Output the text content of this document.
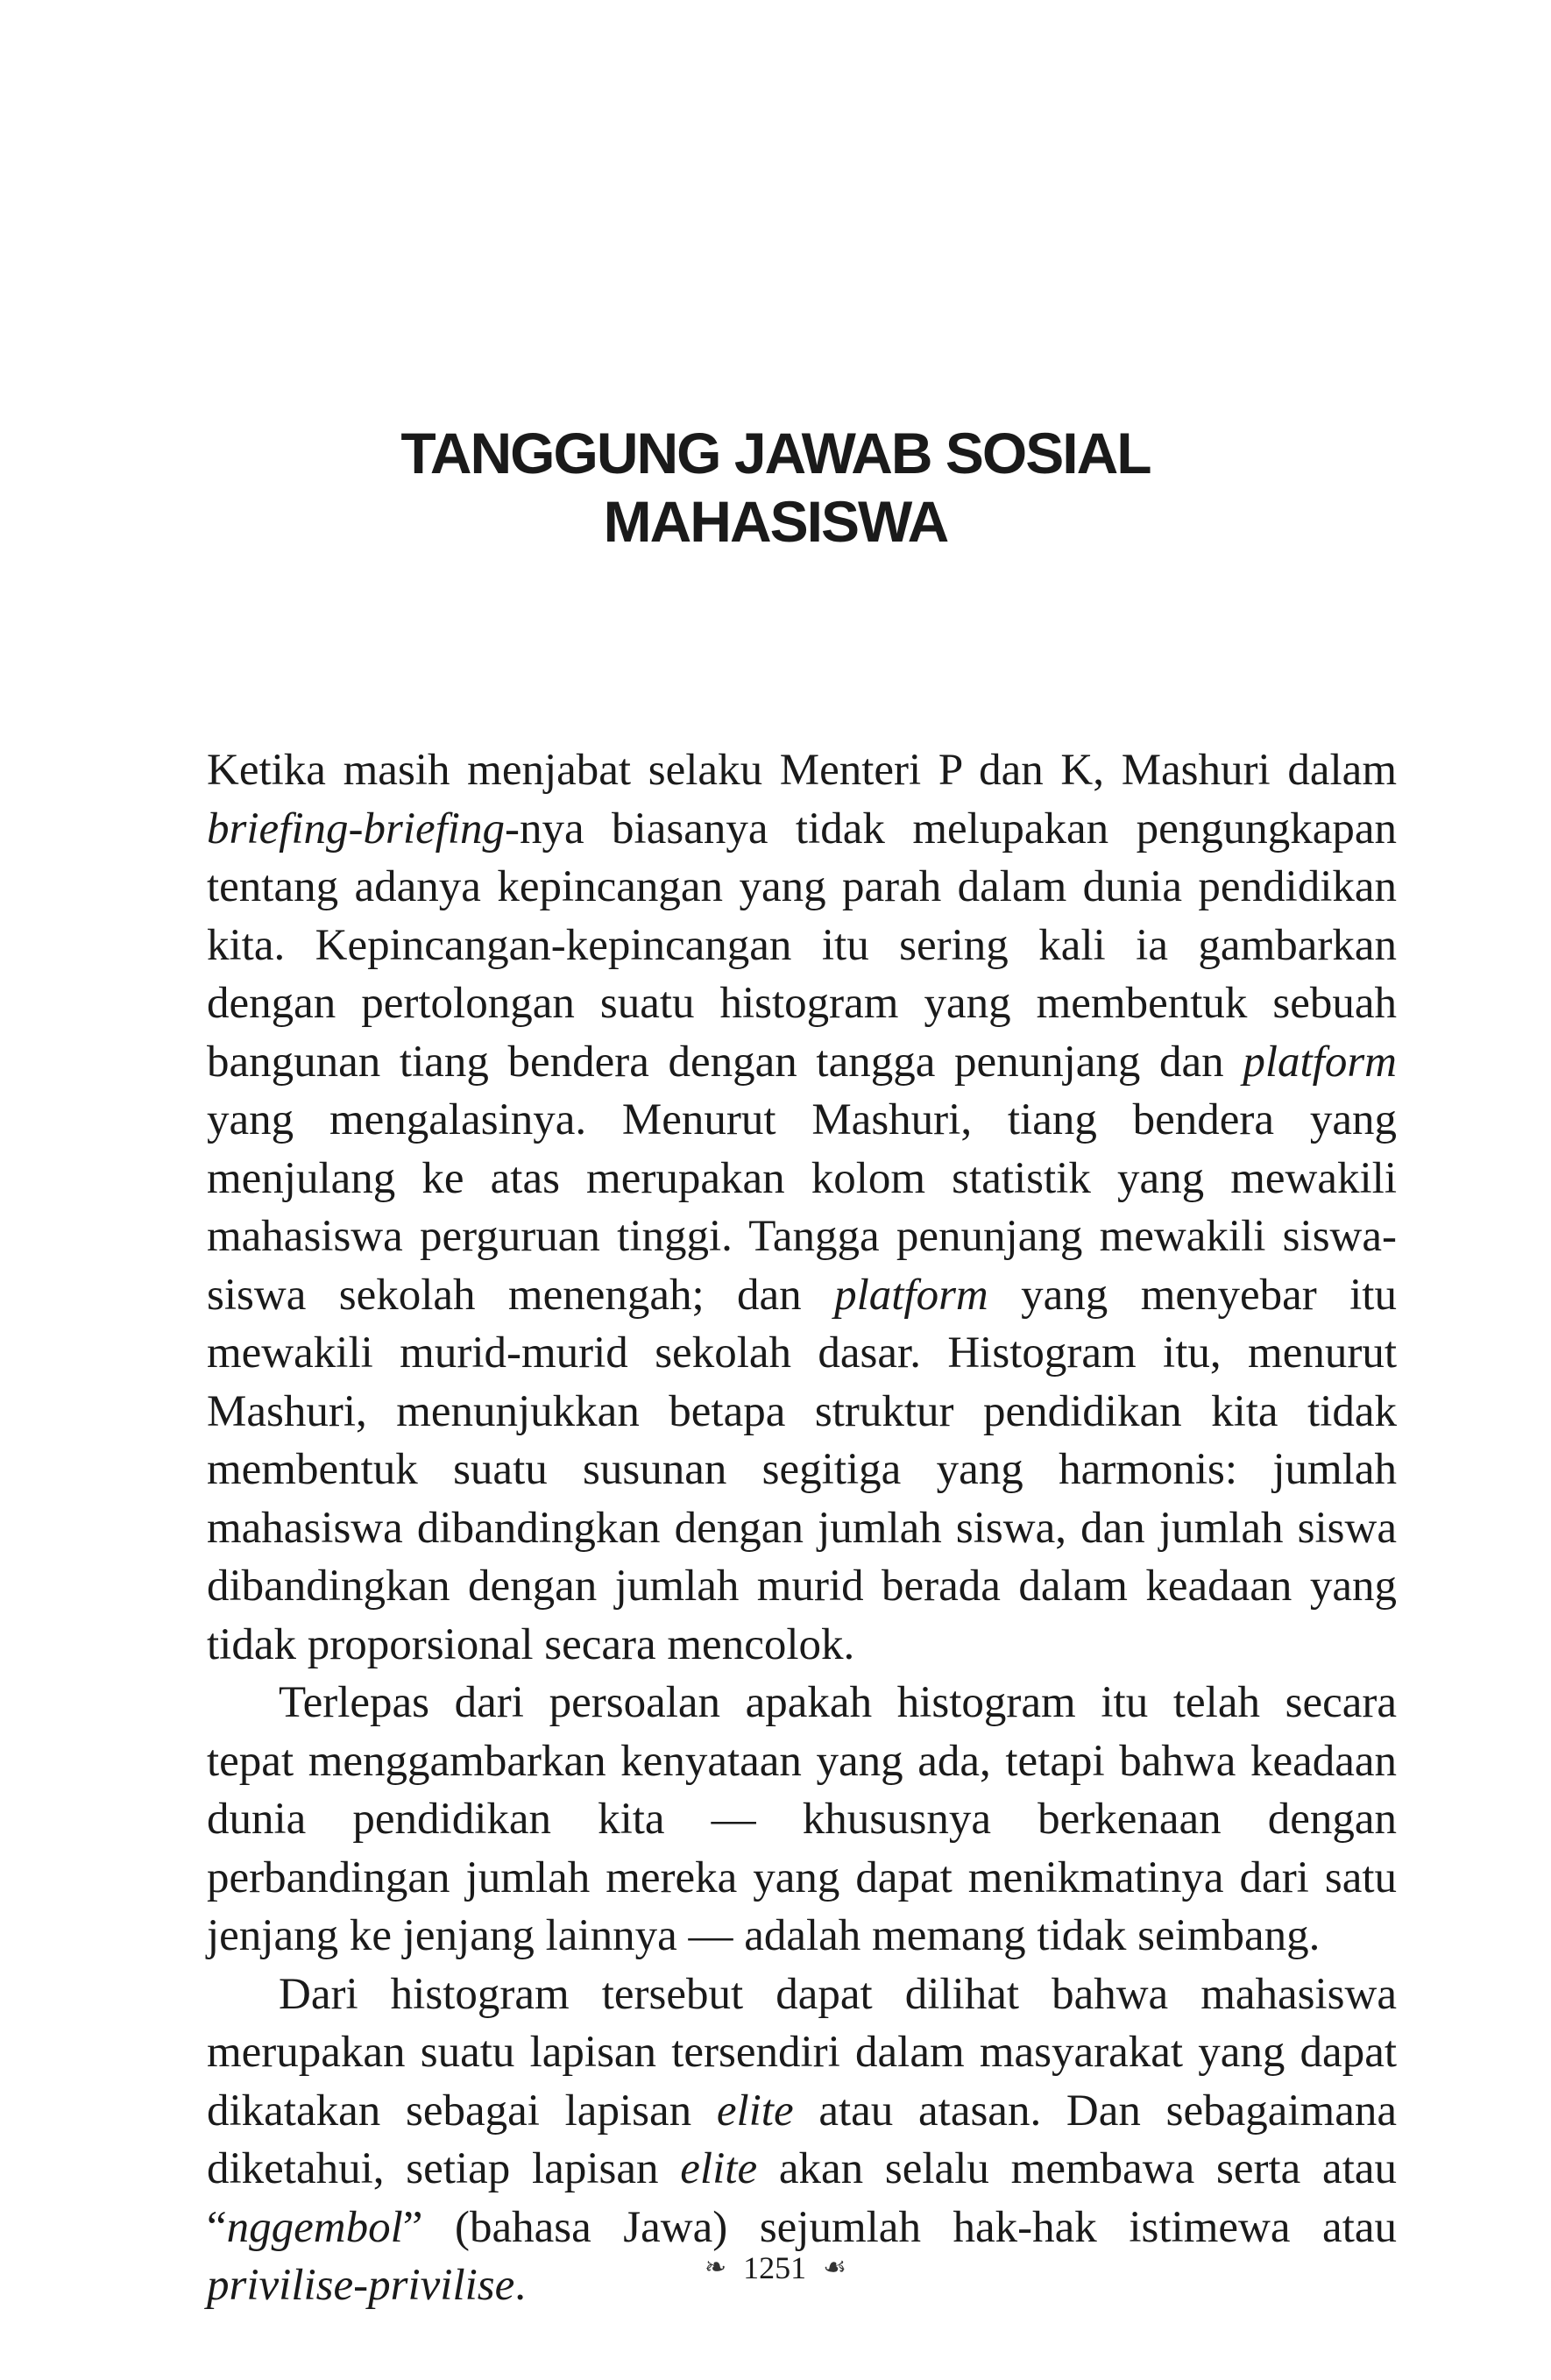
TANGGUNG JAWAB SOSIAL
MAHASISWA

Ketika masih menjabat selaku Menteri P dan K, Mashuri dalam briefing-briefing-nya biasanya tidak melupakan pengungkapan tentang adanya kepincangan yang parah dalam dunia pendidikan kita. Kepincangan-kepincangan itu sering kali ia gambarkan dengan pertolongan suatu histogram yang membentuk sebuah bangunan tiang bendera dengan tangga penunjang dan platform yang mengalasinya. Menurut Mashuri, tiang bendera yang menjulang ke atas merupakan kolom statistik yang mewakili mahasiswa perguruan tinggi. Tangga penunjang mewakili siswa-siswa sekolah menengah; dan platform yang menyebar itu mewakili murid-murid sekolah dasar. Histogram itu, menurut Mashuri, menunjukkan betapa struktur pendidikan kita tidak membentuk suatu susunan segitiga yang harmonis: jumlah mahasiswa dibandingkan dengan jumlah siswa, dan jumlah siswa dibandingkan dengan jumlah murid berada dalam keadaan yang tidak proporsional secara mencolok.

Terlepas dari persoalan apakah histogram itu telah secara tepat menggambarkan kenyataan yang ada, tetapi bahwa keadaan dunia pendidikan kita — khususnya berkenaan dengan perbandingan jumlah mereka yang dapat menikmatinya dari satu jenjang ke jenjang lainnya — adalah memang tidak seimbang.

Dari histogram tersebut dapat dilihat bahwa mahasiswa merupakan suatu lapisan tersendiri dalam masyarakat yang dapat dikatakan sebagai lapisan elite atau atasan. Dan sebagaimana diketahui, setiap lapisan elite akan selalu membawa serta atau “nggembol” (bahasa Jawa) sejumlah hak-hak istimewa atau privilise-privilise.	❧ 1251 ☙
